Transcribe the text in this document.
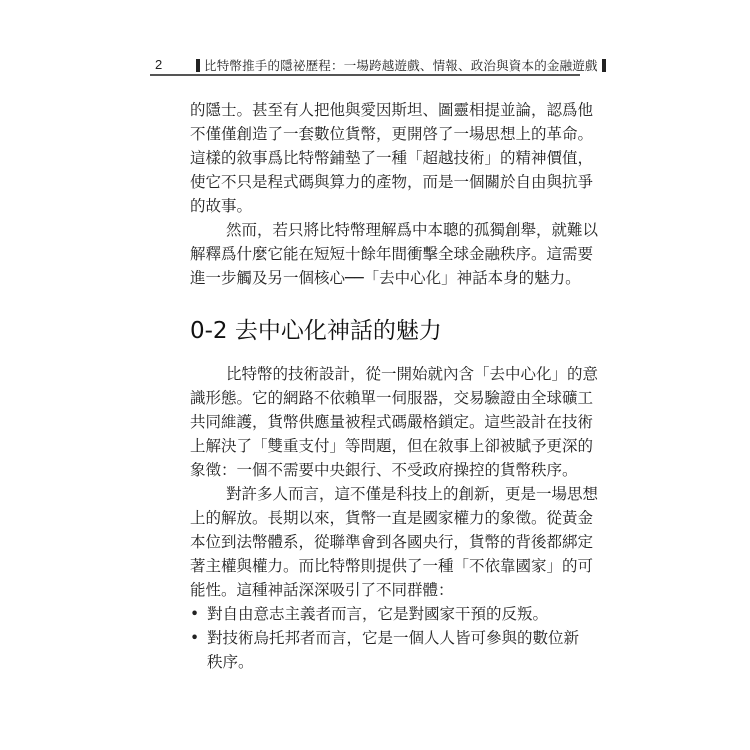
2	比特幣推手的隱祕歷程：一場跨越遊戲、情報、政治與資本的金融遊戲
的隱士。甚至有人把他與愛因斯坦、圖靈相提並論，認爲他
不僅僅創造了一套數位貨幣，更開啓了一場思想上的革命。
這樣的敘事爲比特幣鋪墊了一種「超越技術」的精神價值，
使它不只是程式碼與算力的產物，而是一個關於自由與抗爭
的故事。
然而，若只將比特幣理解爲中本聰的孤獨創舉，就難以
解釋爲什麼它能在短短十餘年間衝擊全球金融秩序。這需要
進一步觸及另一個核心──「去中心化」神話本身的魅力。
比特幣的技術設計，從一開始就內含「去中心化」的意
識形態。它的網路不依賴單一伺服器，交易驗證由全球礦工
共同維護，貨幣供應量被程式碼嚴格鎖定。這些設計在技術
上解決了「雙重支付」等問題，但在敘事上卻被賦予更深的
象徵：一個不需要中央銀行、不受政府操控的貨幣秩序。
對許多人而言，這不僅是科技上的創新，更是一場思想
上的解放。長期以來，貨幣一直是國家權力的象徵。從黃金
本位到法幣體系，從聯準會到各國央行，貨幣的背後都綁定
著主權與權力。而比特幣則提供了一種「不依靠國家」的可
能性。這種神話深深吸引了不同群體：
• 對自由意志主義者而言，它是對國家干預的反叛。
• 對技術烏托邦者而言，它是一個人人皆可參與的數位新
秩序。
0-2 去中心化神話的魅力
